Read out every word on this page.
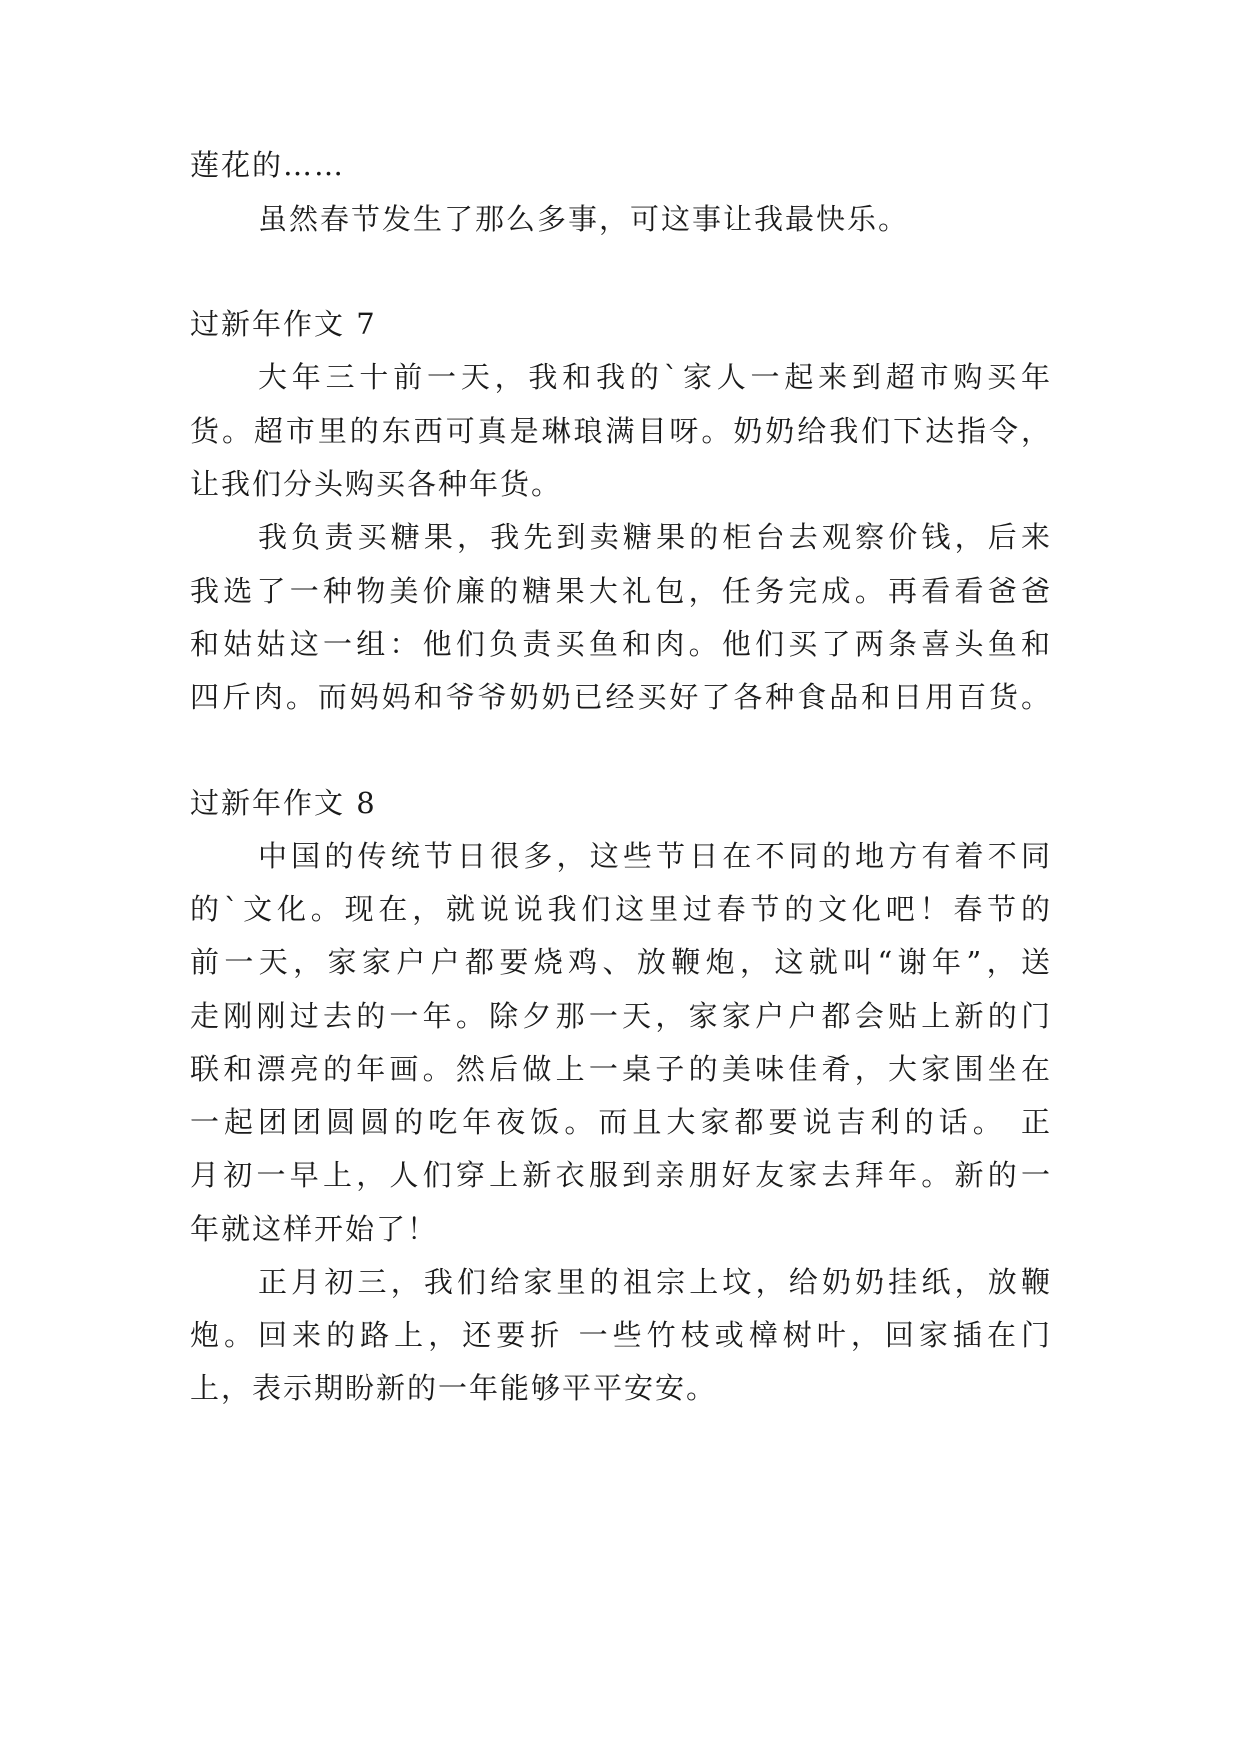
莲花的……
虽然春节发生了那么多事，可这事让我最快乐。
过新年作文 7
大年三十前一天，我和我的`家人一起来到超市购买年
货。超市里的东西可真是琳琅满目呀。奶奶给我们下达指令，
让我们分头购买各种年货。
我负责买糖果，我先到卖糖果的柜台去观察价钱，后来
我选了一种物美价廉的糖果大礼包，任务完成。再看看爸爸
和姑姑这一组：他们负责买鱼和肉。他们买了两条喜头鱼和
四斤肉。而妈妈和爷爷奶奶已经买好了各种食品和日用百货。
过新年作文 8
中国的传统节日很多，这些节日在不同的地方有着不同
的`文化。现在，就说说我们这里过春节的文化吧！春节的
前一天，家家户户都要烧鸡、放鞭炮，这就叫“谢年”，送
走刚刚过去的一年。除夕那一天，家家户户都会贴上新的门
联和漂亮的年画。然后做上一桌子的美味佳肴，大家围坐在
一起团团圆圆的吃年夜饭。而且大家都要说吉利的话。 正
月初一早上，人们穿上新衣服到亲朋好友家去拜年。新的一
年就这样开始了！
正月初三，我们给家里的祖宗上坟，给奶奶挂纸，放鞭
炮。回来的路上，还要折 一些竹枝或樟树叶，回家插在门
上，表示期盼新的一年能够平平安安。
